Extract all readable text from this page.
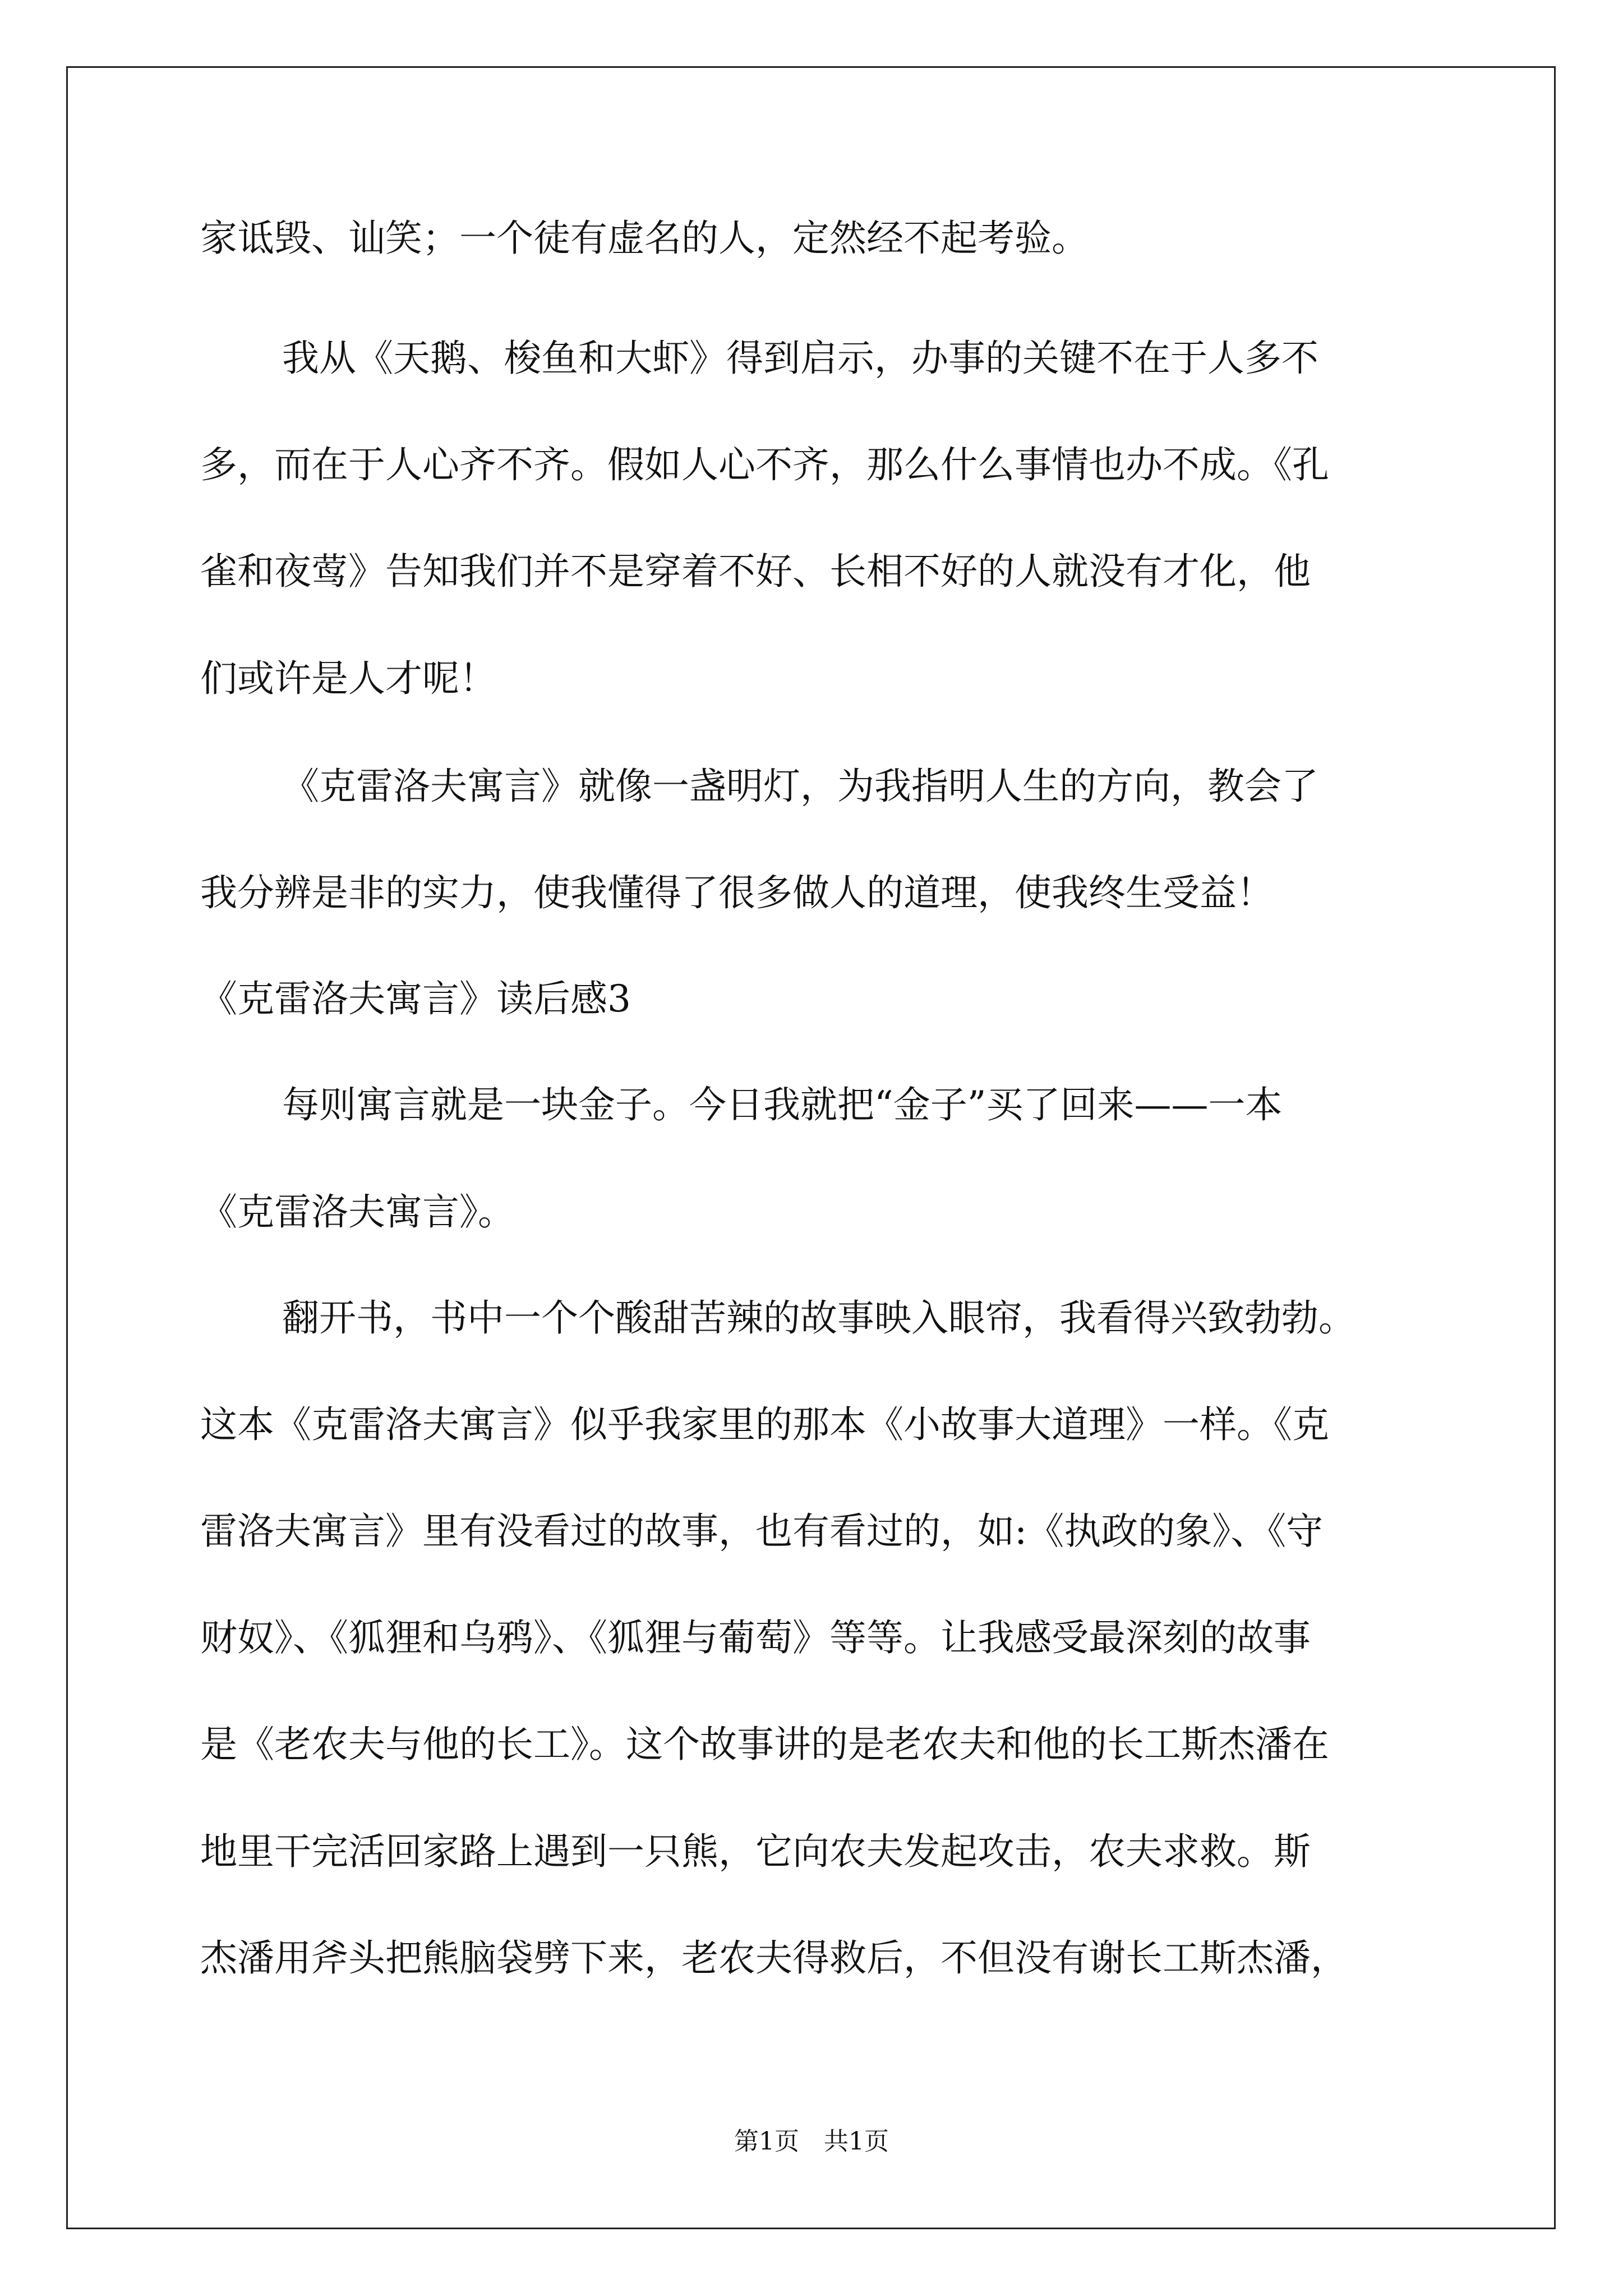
家诋毁、讪笑；一个徒有虚名的人，定然经不起考验。
我从《天鹅、梭鱼和大虾》得到启示，办事的关键不在于人多不
多，而在于人心齐不齐。假如人心不齐，那么什么事情也办不成。《孔
雀和夜莺》告知我们并不是穿着不好、长相不好的人就没有才化，他
们或许是人才呢！
《克雷洛夫寓言》就像一盏明灯，为我指明人生的方向，教会了
我分辨是非的实力，使我懂得了很多做人的道理，使我终生受益！
《克雷洛夫寓言》读后感3
每则寓言就是一块金子。今日我就把“金子”买了回来——一本
《克雷洛夫寓言》。
翻开书，书中一个个酸甜苦辣的故事映入眼帘，我看得兴致勃勃。
这本《克雷洛夫寓言》似乎我家里的那本《小故事大道理》一样。《克
雷洛夫寓言》里有没看过的故事，也有看过的，如:《执政的象》、《守
财奴》、《狐狸和乌鸦》、《狐狸与葡萄》等等。让我感受最深刻的故事
是《老农夫与他的长工》。这个故事讲的是老农夫和他的长工斯杰潘在
地里干完活回家路上遇到一只熊，它向农夫发起攻击，农夫求救。斯
杰潘用斧头把熊脑袋劈下来，老农夫得救后，不但没有谢长工斯杰潘，
第1页 共1页
